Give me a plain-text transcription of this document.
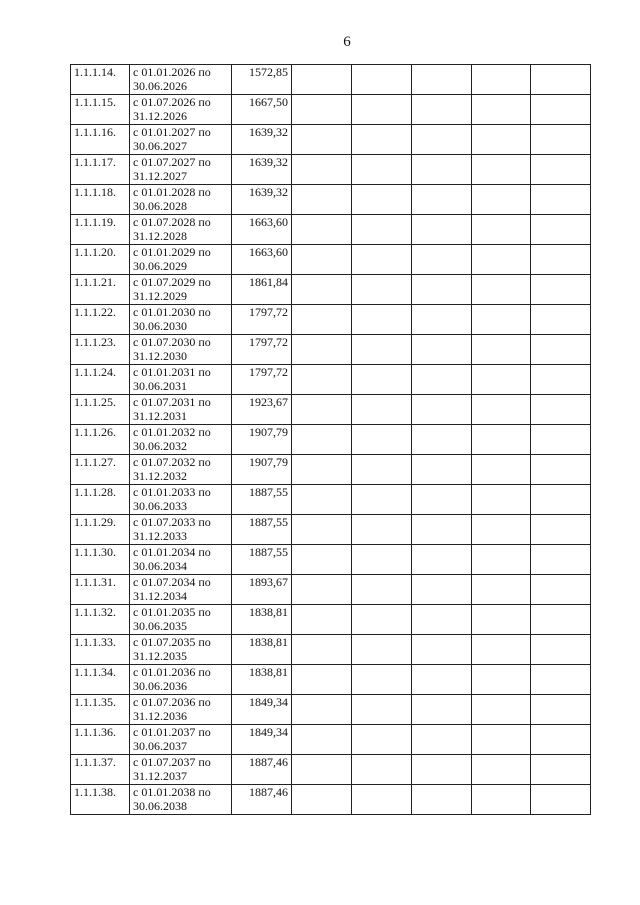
6
1.1.1.14.	с 01.01.2026 по 30.06.2026	1572,85					
1.1.1.15.	с 01.07.2026 по 31.12.2026	1667,50					
1.1.1.16.	с 01.01.2027 по 30.06.2027	1639,32					
1.1.1.17.	с 01.07.2027 по 31.12.2027	1639,32					
1.1.1.18.	с 01.01.2028 по 30.06.2028	1639,32					
1.1.1.19.	с 01.07.2028 по 31.12.2028	1663,60					
1.1.1.20.	с 01.01.2029 по 30.06.2029	1663,60					
1.1.1.21.	с 01.07.2029 по 31.12.2029	1861,84					
1.1.1.22.	с 01.01.2030 по 30.06.2030	1797,72					
1.1.1.23.	с 01.07.2030 по 31.12.2030	1797,72					
1.1.1.24.	с 01.01.2031 по 30.06.2031	1797,72					
1.1.1.25.	с 01.07.2031 по 31.12.2031	1923,67					
1.1.1.26.	с 01.01.2032 по 30.06.2032	1907,79					
1.1.1.27.	с 01.07.2032 по 31.12.2032	1907,79					
1.1.1.28.	с 01.01.2033 по 30.06.2033	1887,55					
1.1.1.29.	с 01.07.2033 по 31.12.2033	1887,55					
1.1.1.30.	с 01.01.2034 по 30.06.2034	1887,55					
1.1.1.31.	с 01.07.2034 по 31.12.2034	1893,67					
1.1.1.32.	с 01.01.2035 по 30.06.2035	1838,81					
1.1.1.33.	с 01.07.2035 по 31.12.2035	1838,81					
1.1.1.34.	с 01.01.2036 по 30.06.2036	1838,81					
1.1.1.35.	с 01.07.2036 по 31.12.2036	1849,34					
1.1.1.36.	с 01.01.2037 по 30.06.2037	1849,34					
1.1.1.37.	с 01.07.2037 по 31.12.2037	1887,46					
1.1.1.38.	с 01.01.2038 по 30.06.2038	1887,46					
